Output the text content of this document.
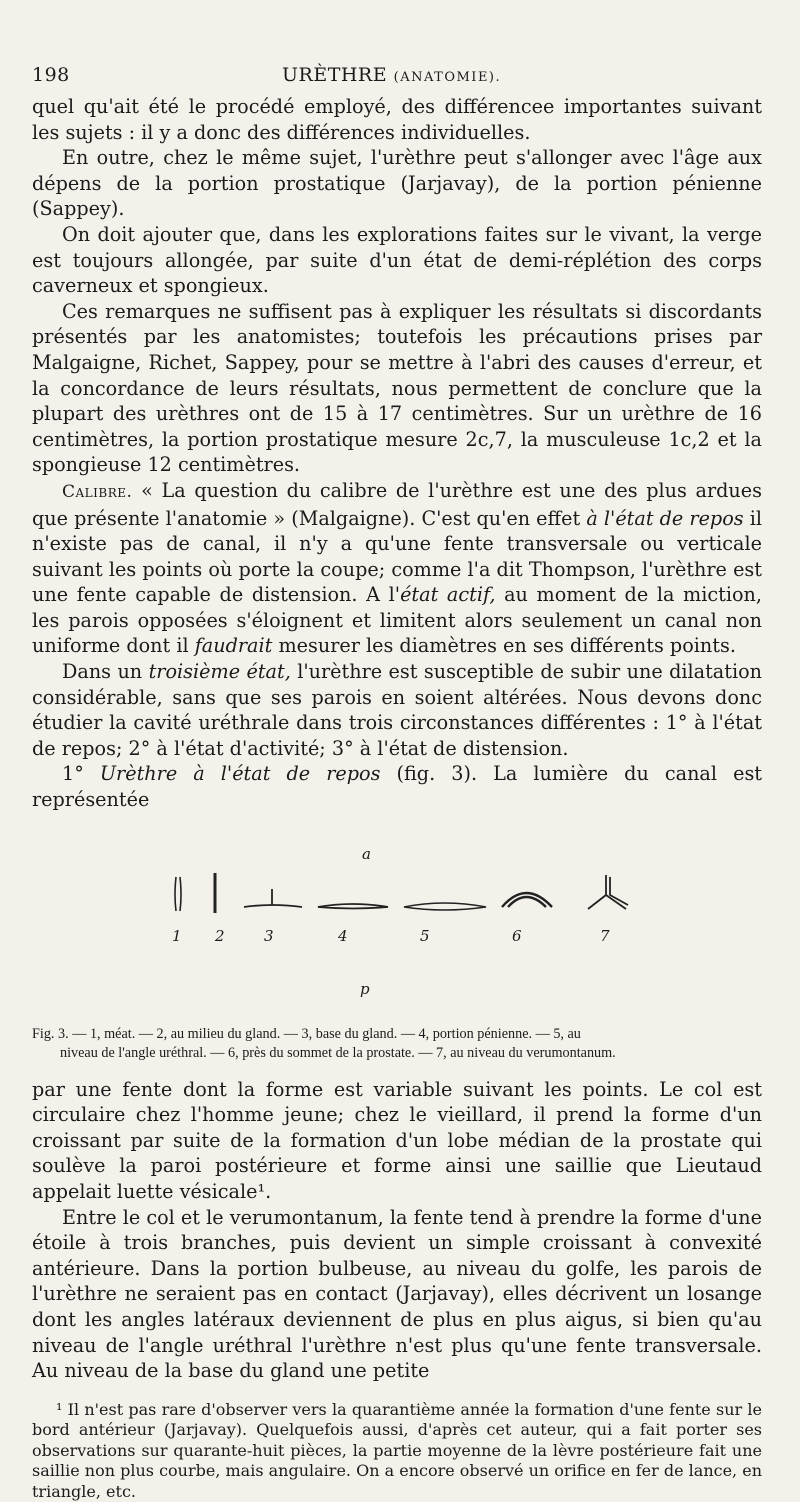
198	URÈTHRE (ANATOMIE).

quel qu'ait été le procédé employé, des différencee importantes suivant les sujets : il y a donc des différences individuelles.

En outre, chez le même sujet, l'urèthre peut s'allonger avec l'âge aux dépens de la portion prostatique (Jarjavay), de la portion pénienne (Sappey).

On doit ajouter que, dans les explorations faites sur le vivant, la verge est toujours allongée, par suite d'un état de demi-réplétion des corps caverneux et spongieux.

Ces remarques ne suffisent pas à expliquer les résultats si discordants présentés par les anatomistes; toutefois les précautions prises par Malgaigne, Richet, Sappey, pour se mettre à l'abri des causes d'erreur, et la concordance de leurs résultats, nous permettent de conclure que la plupart des urèthres ont de 15 à 17 centimètres. Sur un urèthre de 16 centimètres, la portion prostatique mesure 2c,7, la musculeuse 1c,2 et la spongieuse 12 centimètres.

Calibre. « La question du calibre de l'urèthre est une des plus ardues que présente l'anatomie » (Malgaigne). C'est qu'en effet à l'état de repos il n'existe pas de canal, il n'y a qu'une fente transversale ou verticale suivant les points où porte la coupe; comme l'a dit Thompson, l'urèthre est une fente capable de distension. A l'état actif, au moment de la miction, les parois opposées s'éloignent et limitent alors seulement un canal non uniforme dont il faudrait mesurer les diamètres en ses différents points.

Dans un troisième état, l'urèthre est susceptible de subir une dilatation considérable, sans que ses parois en soient altérées. Nous devons donc étudier la cavité uréthrale dans trois circonstances différentes : 1° à l'état de repos; 2° à l'état d'activité; 3° à l'état de distension.

1° Urèthre à l'état de repos (fig. 3). La lumière du canal est représentée

a
p
1 2	3	4	5	6	7

Fig. 3. — 1, méat. — 2, au milieu du gland. — 3, base du gland. — 4, portion pénienne. — 5, au
niveau de l'angle uréthral. — 6, près du sommet de la prostate. — 7, au niveau du verumontanum.

par une fente dont la forme est variable suivant les points. Le col est circulaire chez l'homme jeune; chez le vieillard, il prend la forme d'un croissant par suite de la formation d'un lobe médian de la prostate qui soulève la paroi postérieure et forme ainsi une saillie que Lieutaud appelait luette vésicale¹.

Entre le col et le verumontanum, la fente tend à prendre la forme d'une étoile à trois branches, puis devient un simple croissant à convexité antérieure. Dans la portion bulbeuse, au niveau du golfe, les parois de l'urèthre ne seraient pas en contact (Jarjavay), elles décrivent un losange dont les angles latéraux deviennent de plus en plus aigus, si bien qu'au niveau de l'angle uréthral l'urèthre n'est plus qu'une fente transversale. Au niveau de la base du gland une petite

¹ Il n'est pas rare d'observer vers la quarantième année la formation d'une fente sur le bord antérieur (Jarjavay). Quelquefois aussi, d'après cet auteur, qui a fait porter ses observations sur quarante-huit pièces, la partie moyenne de la lèvre postérieure fait une saillie non plus courbe, mais angulaire. On a encore observé un orifice en fer de lance, en triangle, etc.
